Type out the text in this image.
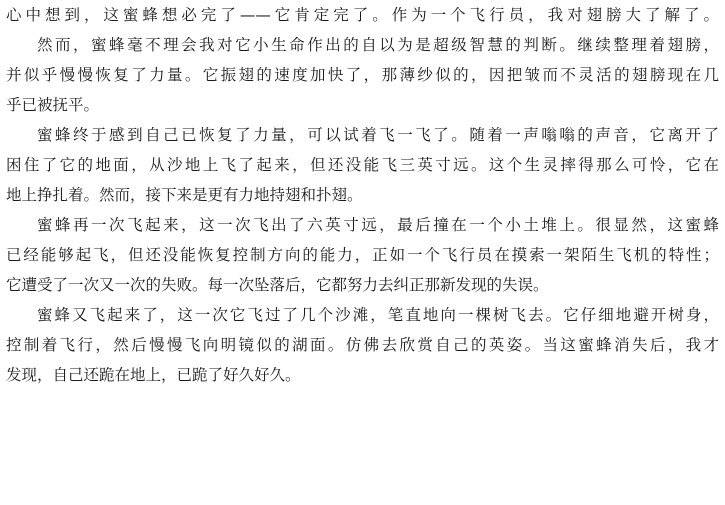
心中想到，这蜜蜂想必完了——它肯定完了。作为一个飞行员，我对翅膀大了解了。
然而，蜜蜂毫不理会我对它小生命作出的自以为是超级智慧的判断。继续整理着翅膀，
并似乎慢慢恢复了力量。它振翅的速度加快了，那薄纱似的，因把皱而不灵活的翅膀现在几
乎已被抚平。
蜜蜂终于感到自己已恢复了力量，可以试着飞一飞了。随着一声嗡嗡的声音，它离开了
困住了它的地面，从沙地上飞了起来，但还没能飞三英寸远。这个生灵摔得那么可怜，它在
地上挣扎着。然而，接下来是更有力地持翅和扑翅。
蜜蜂再一次飞起来，这一次飞出了六英寸远，最后撞在一个小土堆上。很显然，这蜜蜂
已经能够起飞，但还没能恢复控制方向的能力，正如一个飞行员在摸索一架陌生飞机的特性；
它遭受了一次又一次的失败。每一次坠落后，它都努力去纠正那新发现的失误。
蜜蜂又飞起来了，这一次它飞过了几个沙滩，笔直地向一棵树飞去。它仔细地避开树身，
控制着飞行，然后慢慢飞向明镜似的湖面。仿佛去欣赏自己的英姿。当这蜜蜂消失后，我才
发现，自己还跪在地上，已跪了好久好久。
